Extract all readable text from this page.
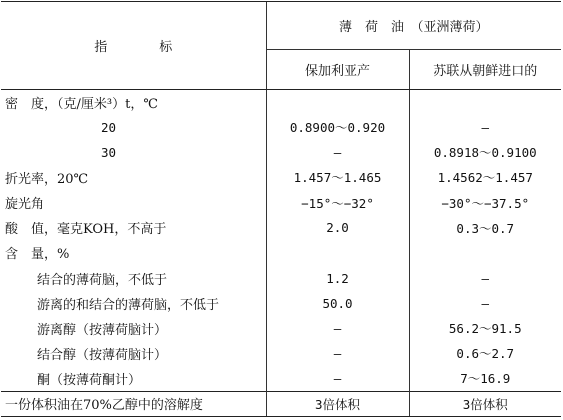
指　　　　标	薄　荷　油　（亚洲薄荷）	
	保加利亚产	苏联从朝鲜进口的
密　度，（克/厘米³）t，℃		
20	0.8900～0.920	—
30	—	0.8918～0.9100
折光率，20℃	1.457～1.465	1.4562～1.457
旋光角	−15°～−32°	−30°～−37.5°
酸　值，毫克KOH，不高于	2.0	0.3～0.7
含　量，%		
结合的薄荷脑，不低于	1.2	—
游离的和结合的薄荷脑，不低于	50.0	—
游离醇（按薄荷脑计）	—	56.2～91.5
结合醇（按薄荷脑计）	—	0.6～2.7
酮（按薄荷酮计）	—	7～16.9
一份体积油在70%乙醇中的溶解度	3倍体积	3倍体积
